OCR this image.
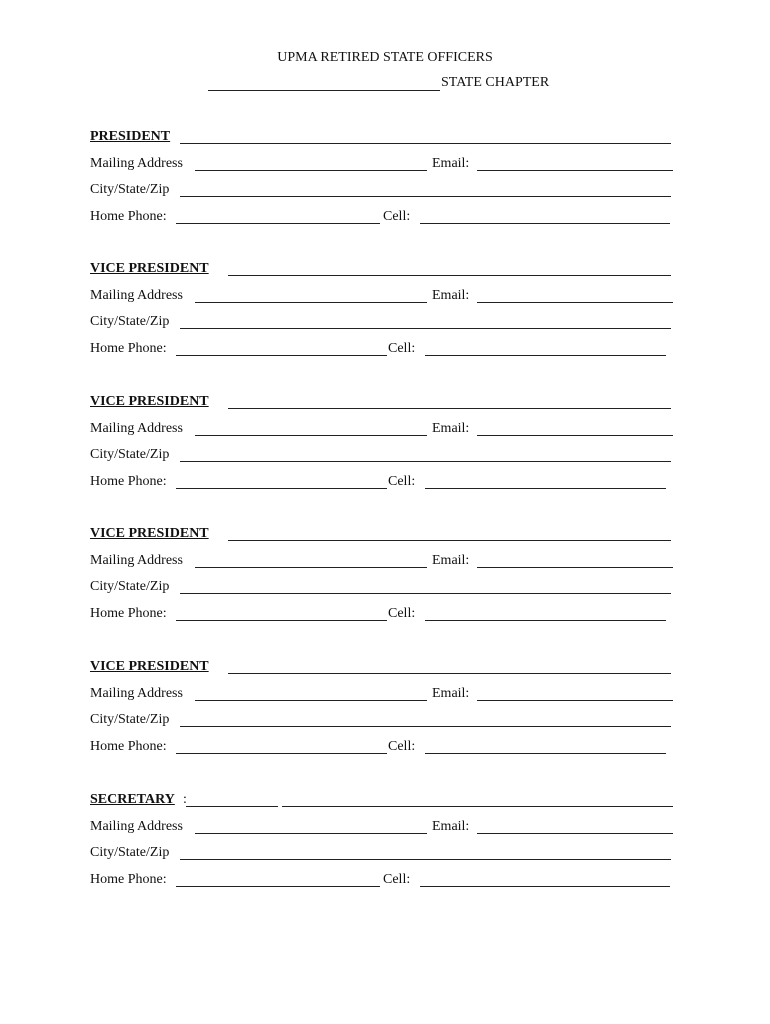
UPMA RETIRED STATE OFFICERS
STATE CHAPTER
PRESIDENT
Mailing Address	Email:
City/State/Zip
Home Phone:	Cell:
VICE PRESIDENT
Mailing Address	Email:
City/State/Zip
Home Phone:	Cell:
VICE PRESIDENT
Mailing Address	Email:
City/State/Zip
Home Phone:	Cell:
VICE PRESIDENT
Mailing Address	Email:
City/State/Zip
Home Phone:	Cell:
VICE PRESIDENT
Mailing Address	Email:
City/State/Zip
Home Phone:	Cell:
SECRETARY :
Mailing Address	Email:
City/State/Zip
Home Phone:	Cell:
